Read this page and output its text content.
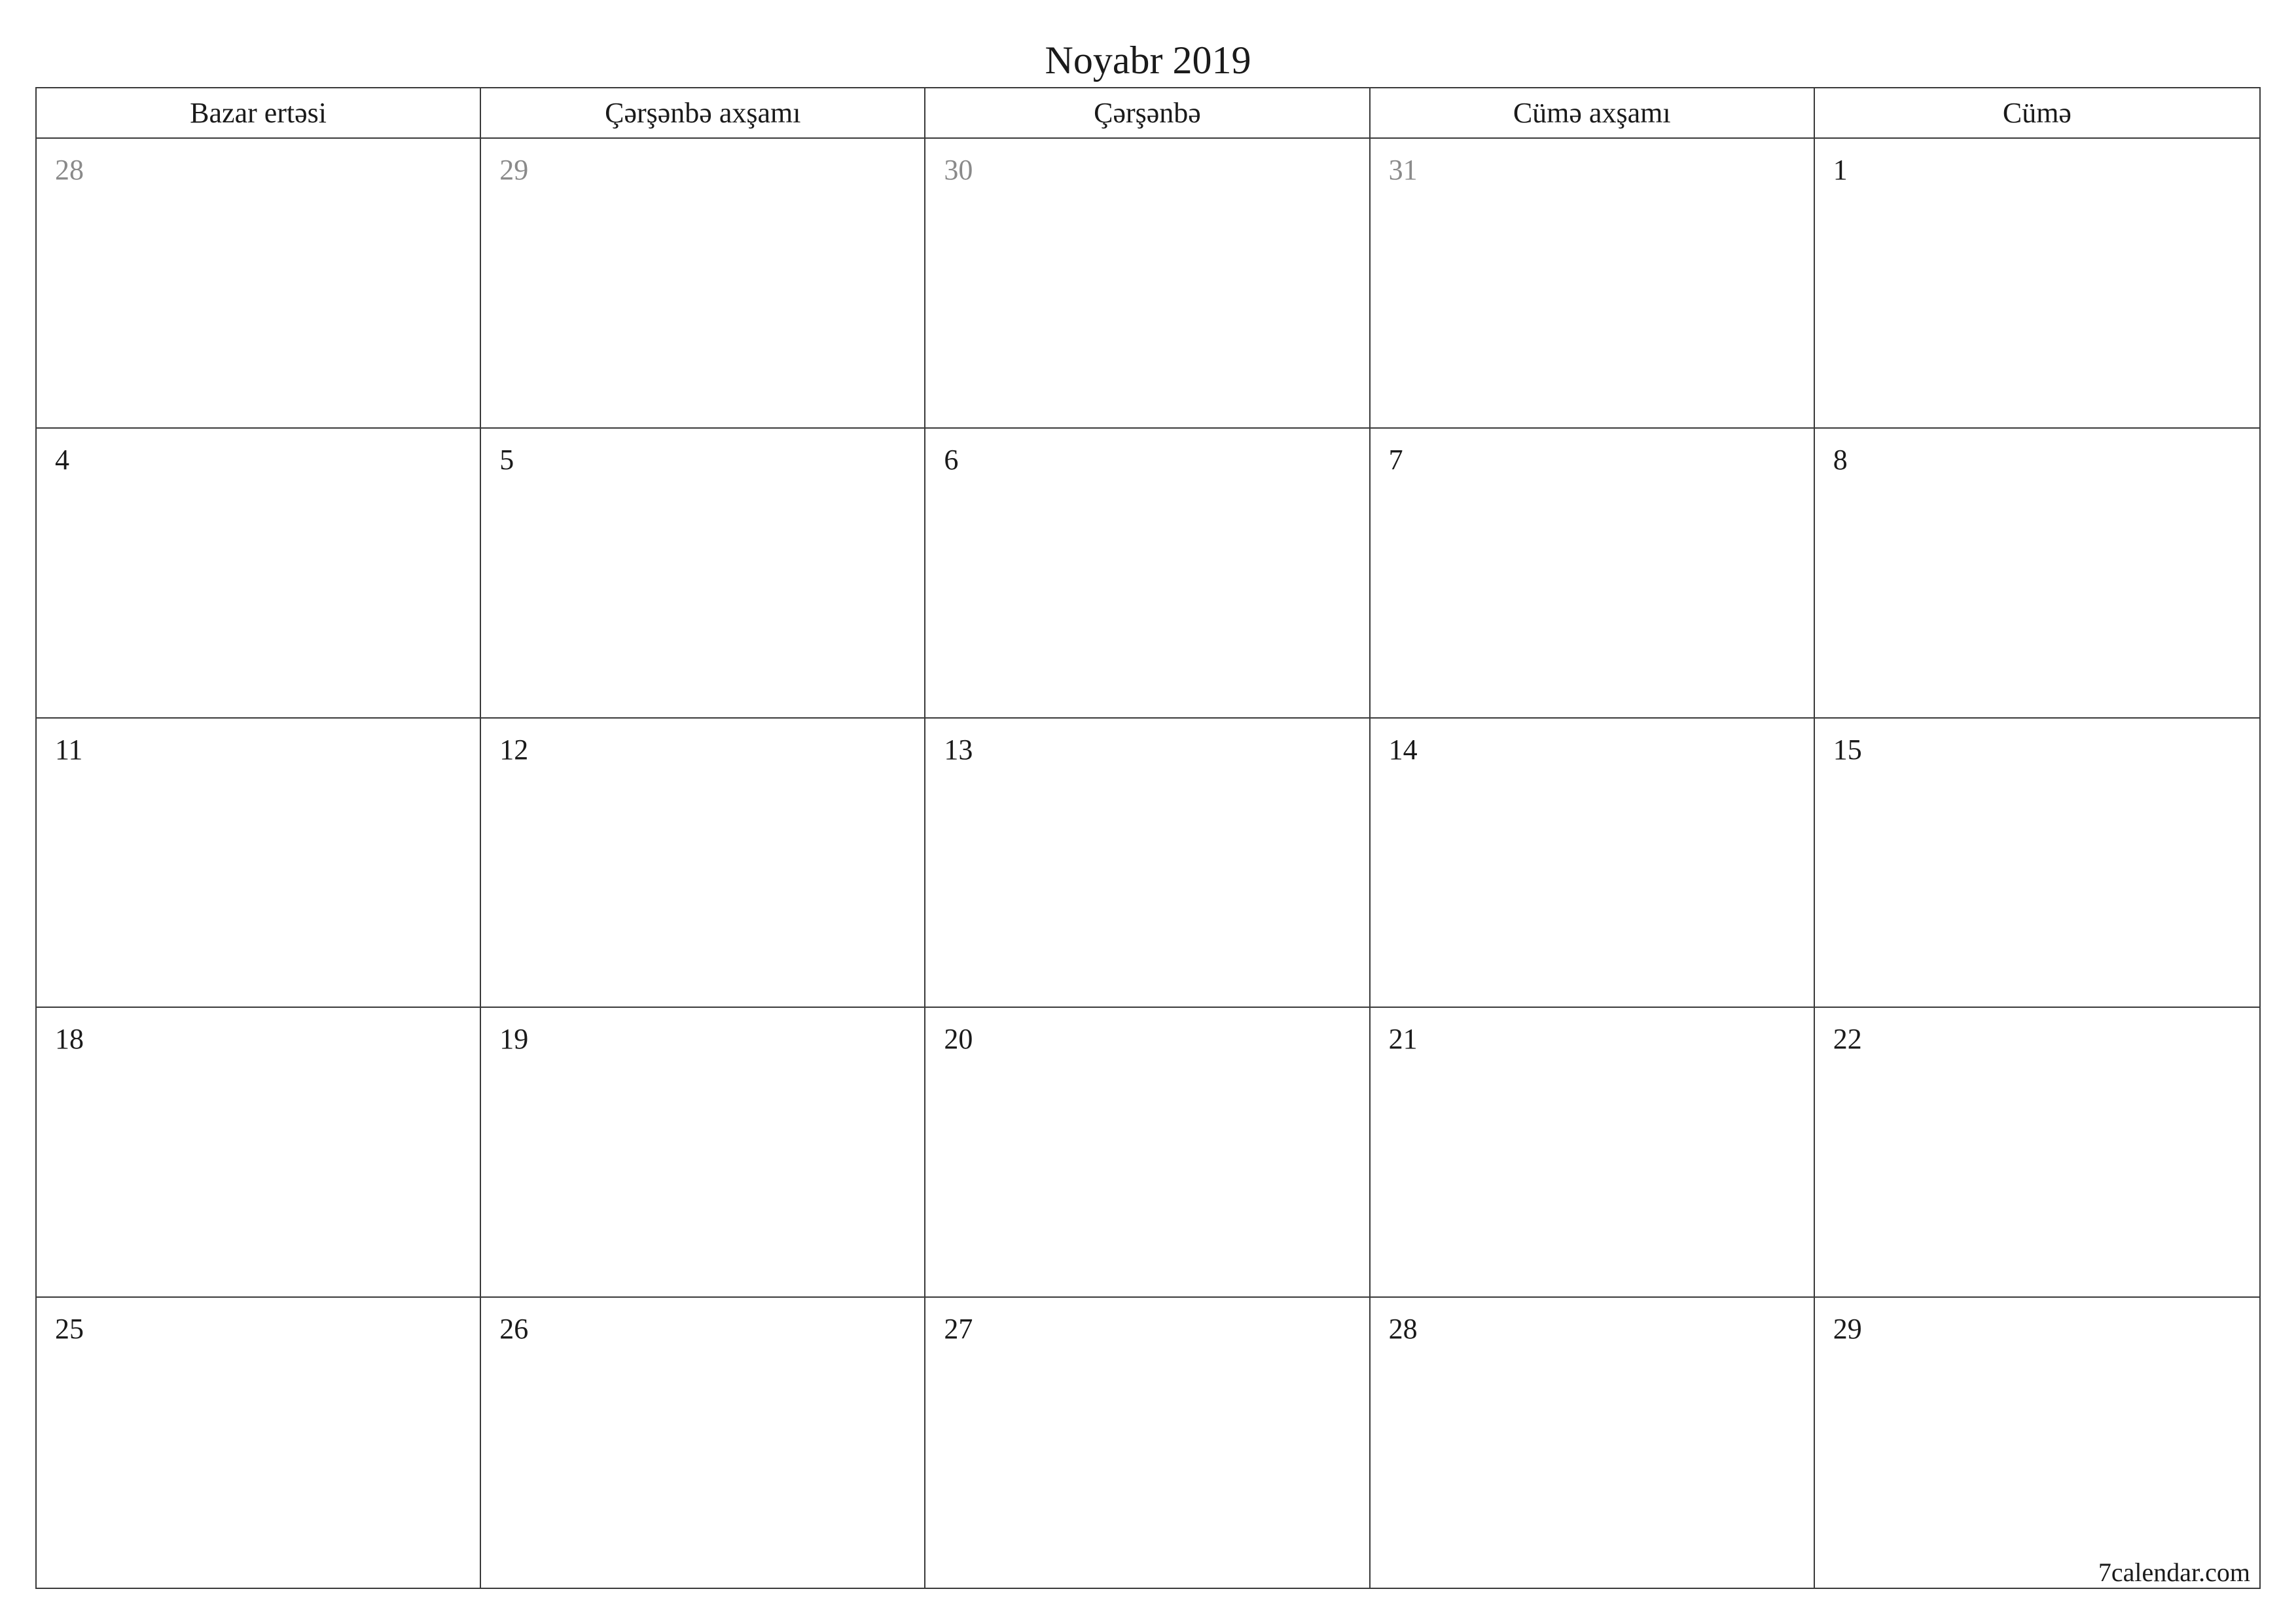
Noyabr 2019
Bazar ertəsi	Çərşənbə axşamı	Çərşənbə	Cümə axşamı	Cümə
28	29	30	31	1
4	5	6	7	8
11	12	13	14	15
18	19	20	21	22
25	26	27	28	29
7calendar.com
